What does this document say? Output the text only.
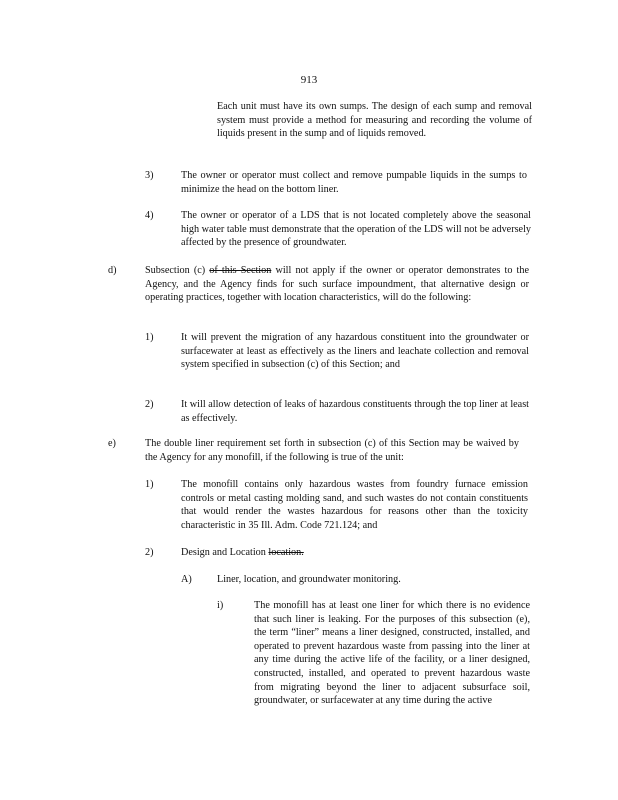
913
Each unit must have its own sumps. The design of each sump and removal system must provide a method for measuring and recording the volume of liquids present in the sump and of liquids removed.
3)	The owner or operator must collect and remove pumpable liquids in the sumps to minimize the head on the bottom liner.
4)	The owner or operator of a LDS that is not located completely above the seasonal high water table must demonstrate that the operation of the LDS will not be adversely affected by the presence of groundwater.
d)	Subsection (c) of this Section will not apply if the owner or operator demonstrates to the Agency, and the Agency finds for such surface impoundment, that alternative design or operating practices, together with location characteristics, will do the following:
1)	It will prevent the migration of any hazardous constituent into the groundwater or surfacewater at least as effectively as the liners and leachate collection and removal system specified in subsection (c) of this Section; and
2)	It will allow detection of leaks of hazardous constituents through the top liner at least as effectively.
e)	The double liner requirement set forth in subsection (c) of this Section may be waived by the Agency for any monofill, if the following is true of the unit:
1)	The monofill contains only hazardous wastes from foundry furnace emission controls or metal casting molding sand, and such wastes do not contain constituents that would render the wastes hazardous for reasons other than the toxicity characteristic in 35 Ill. Adm. Code 721.124; and
2)	Design and Location location.
A) Liner, location, and groundwater monitoring.
i)	The monofill has at least one liner for which there is no evidence that such liner is leaking. For the purposes of this subsection (e), the term “liner” means a liner designed, constructed, installed, and operated to prevent hazardous waste from passing into the liner at any time during the active life of the facility, or a liner designed, constructed, installed, and operated to prevent hazardous waste from migrating beyond the liner to adjacent subsurface soil, groundwater, or surfacewater at any time during the active
